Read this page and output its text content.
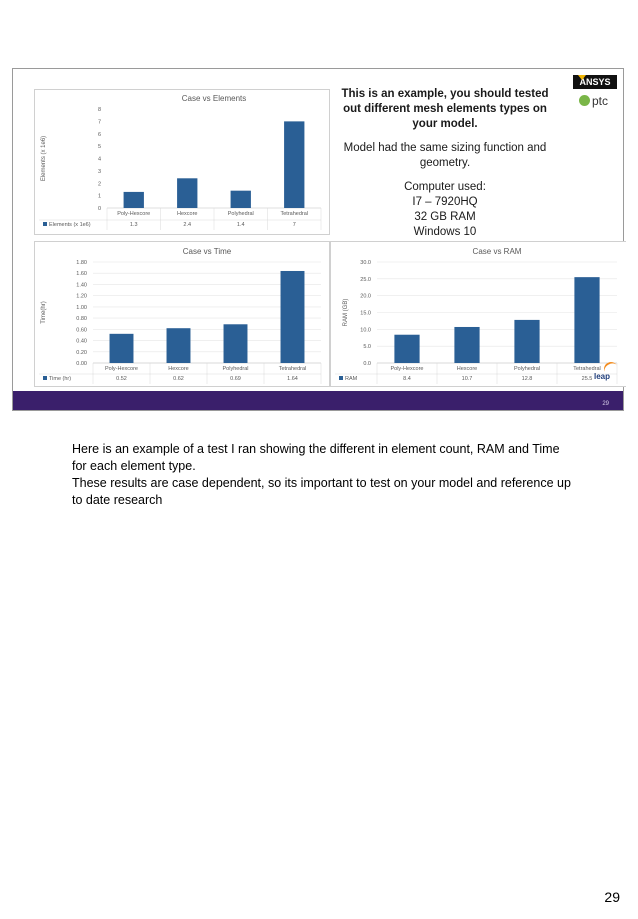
Case vs Elements
Elements (x 1e6)
0
1
2
3
4
5
6
7
8
Poly-Hexcore
1.3
Hexcore
2.4
Polyhedral
1.4
Tetrahedral
7
Elements (x 1e6)
Case vs Time
Time(hr)
0.00
0.20
0.40
0.60
0.80
1.00
1.20
1.40
1.60
1.80
Poly-Hexcore
0.52
Hexcore
0.62
Polyhedral
0.69
Tetrahedral
1.64
Time (hr)
Case vs RAM
RAM (GB)
0.0
5.0
10.0
15.0
20.0
25.0
30.0
Poly-Hexcore
8.4
Hexcore
10.7
Polyhedral
12.8
Tetrahedral
25.5
RAM

This is an example, you should tested out different mesh elements types on your model.

Model had the same sizing function and geometry.

Computer used:

I7 – 7920HQ

32 GB RAM

Windows 10

ANSYS
ptc
leap
29

Here is an example of a test I ran showing the different in element count, RAM and Time for each element type.

These results are case dependent, so its important to test on your model and reference up to date research

29
